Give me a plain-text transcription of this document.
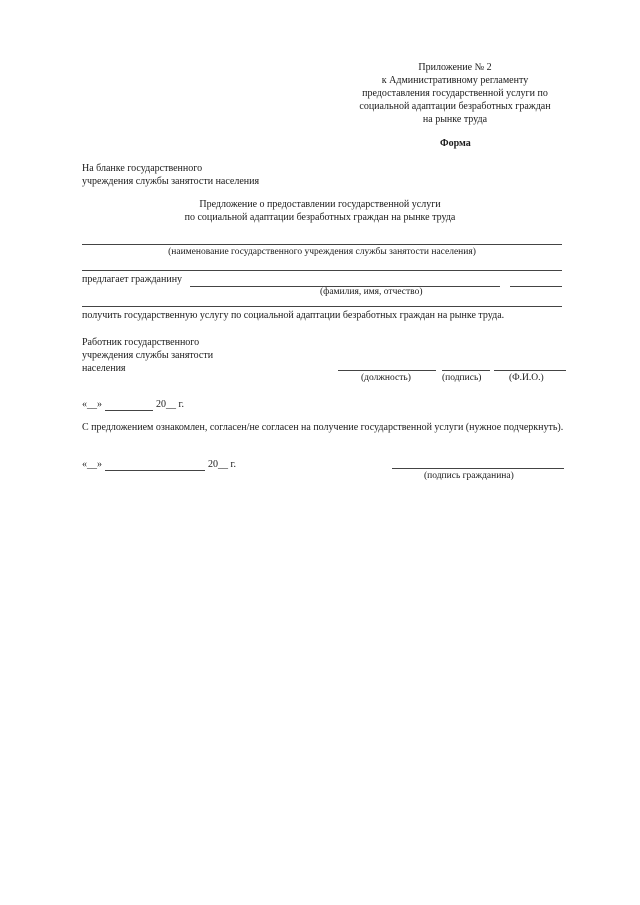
Приложение № 2
к Административному регламенту
предоставления государственной услуги по
социальной адаптации безработных граждан
на рынке труда
Форма
На бланке государственного
учреждения службы занятости населения
Предложение о предоставлении государственной услуги
по социальной адаптации безработных граждан на рынке труда
(наименование государственного учреждения службы занятости населения)
предлагает гражданину
(фамилия, имя, отчество)
получить государственную услугу по социальной адаптации безработных граждан на рынке труда.
Работник государственного
учреждения службы занятости
населения
(должность)	(подпись)	(Ф.И.О.)
«__»	20__ г.
С предложением ознакомлен, согласен/не согласен на получение государственной услуги (нужное подчеркнуть).
«__»	20__ г.
(подпись гражданина)
